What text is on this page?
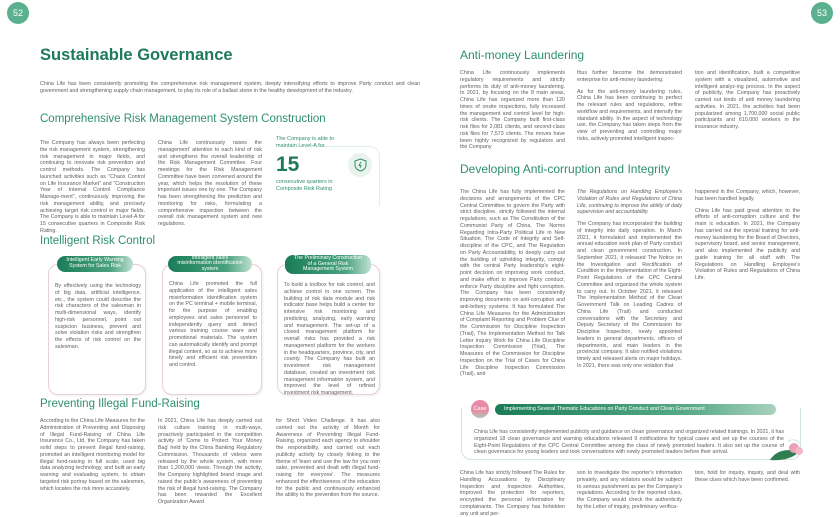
52	53
Sustainable Governance
China Life has been consistently promoting the comprehensive risk management system, deeply intensifying efforts to improve Party conduct and clean government and strengthening supply chain management, to play its role of a ballast stone in the healthy development of the industry.
Comprehensive Risk Management System Construction
The Company has always been perfecting the risk management system, strengthening risk management in major fields, and continuing to innovate risk prevention and control methods. The Company has launched activities such as "Chaos Control on Life Insurance Market" and "Construction Year of Internal Control Compliance Manage-ment", continuously improving the risk management ability, and precisely achieving target risk control in major fields. The Company is able to maintain Level-A for 15 consecutive quarters in Composite Risk Rating.
China Life continuously raises the management' attention to each kind of risk and strengthens the overall leadership of the Risk Management Committee. Four meetings for the Risk Management Committee have been convened around the year, which helps the resolution of these important issues one by one. The Company has been strengthening the prediction and monitoring for risks, formulating a comprehensive inspection between the overall risk management system and new regulations.
The Company is able to maintain Level-A for
15
consecutive quarters in Composite Risk Rating
Intelligent Risk Control
By effectively using the technology of big data, artificial intelligence, etc., the system could describe the risk characters of the salesman in multi-dimensional ways, identify high-risk personnel, point out suspicion business, prevent and solve violation risks and strengthen the effects of risk control on the salesman.
Intelligent Early Warning System for Sales Risk
China Life promoted the full application of the intelligent sales misinformation identification system on the PC terminal + mobile terminal, for the purpose of enabling employees and sales personnel to independently query and detect various training course ware and promotional materials. The system can automatically identify and prompt illegal content, so as to achieve more timely and efficient risk prevention and control.
Intelligent sales misinformation identification system
To build a toolbox for risk control, and achieve control in one screen. The building of risk data module and risk indicator base helps build a center for intensive risk monitoring and predicting, analyzing, early warning and management. The set-up of a closed management platform for overall risks has provided a risk management platform for the workers in the headquarters, province, city, and county. The Company has built an investment risk management database, created an investment risk management information system, and improved the level of refined investment risk management.
The Preliminary Construction of a General Risk Management System
Preventing Illegal Fund-Raising
According to the China Life Measures for the Administration of Preventing and Disposing of Illegal Fund-Raising of China Life Insurance Co., Ltd, the Company has taken solid steps to prevent illegal fund-raising, promoted an intelligent monitoring model for illegal fund-raising in full scale, used big data analyzing technology, and built an early warning and evaluating system, to obtain targeted risk portray based on the salesmen, which locates the risk more accurately.
In 2021, China Life has deeply carried out risk culture training in multi-ways, proactively participated in the competition activity of 'Come to Protect Your Money Bag' held by the China Banking Regulatory Commission. Thousands of videos were released by the whole system, with more than 1,200,000 views. Through the activity, the Company highlighted brand image and raised the public's awareness of preventing the risk of illegal fund-raising. The Company has been rewarded the Excellent Organization Award
for Short Video Challenge. It has also carried out the activity of Month for Awareness of Preventing Illegal Fund-Raising, organized each agency to shoulder the responsibility, and carried out each publicity activity by closely linking to the theme of 'learn and use the law for you own sake, prevented and dealt with illegal fund-raising for everyone'. The measures enhanced the effectiveness of the education for the public and continuously enhanced the ability to the prevention from the source.
Anti-money Laundering
China Life continuously implements regulatory requirements and strictly performs its duty of anti-money laundering. In 2021, by focusing on the 8 main areas, China Life has organized more than 120 times of onsite inspections, fully increased the management and control level for high-risk clients. The Company built first-class risk files for 2,081 clients, and second-class risk files for 7,573 clients. The moves have been highly recognized by regulators and the Company
thus further become the demonstrated enterprise for anti-money laundering.
As for the anti-money laundering rules, China Life has been continuing to perfect the relevant rules and regulations, refine workflow and requirements, and intensify the standard ability. In the aspect of technology use, the Company has taken steps from the view of preventing and controlling major risks, actively promoted intelligent inspec-
tion and identification, built a competitive system with a visualized, automotive and intelligent analyz-ing process. In the aspect of publicity, the Company has proactively carried out kinds of anti money laundering activities. In 2021, the activities had been popularized among 1,700,000 social public participants and 610,000 workers in the insurance industry.
Developing Anti-corruption and Integrity
The China Life has fully implemented the decisions and arrangements of the CPC Central Committee to govern the Party with strict discipline, strictly followed the internal regulations, such as The Constitution of the Communist Party of China, The Norms Regarding Intra-Party Political Life in New Situation, The Code of Integrity and Self-discipline of the CPC, and The Regulation on Party Accountability, to deeply carry out the building of upholding integrity, comply with the central Party leadership's eight-point decision on improving work conduct, and make effort to improve Party conduct, enforce Party discipline and fight corruption. The Company has been consistently improving documents on anti-corruption and anti-bribery systems. It has formulated The China Life Measures for the Administration of Complaint Reporting and Problem Clue of the Commission for Discipline Inspection (Trial), The Implementation Method for Talk Letter Inquiry Work for China Life Discipline Inspection Commission (Trial), The Measures of the Commission for Discipline Inspection on the Trial of Cases for China Life Discipline Inspection Commission (Trail), and
The Regulations on Handling Employee's Violation of Rules and Regulations of China Life, continuing to improve the ability of daily supervision and accountability.
The Company has incorporated the building of integrity into daily operation. In March 2021, it formulated and implemented the annual education work plan of Party conduct and clean government construction. In September 2021, it released The Notice on the Investigation and Rectification of Condition in the Implementation of the Eight-Point Regulations of the CPC Central Committee and organized the whole system to carry out. In October 2021, it released The Implementation Method of the Clean Government Talk on Leading Cadres of China Life (Trail) and conducted conversations with the Secretary and Deputy Secretary of the Commission for Discipline Inspection, newly appointed leaders in general departments, officers of departments, and main leaders in the provincial company. It also notified violations timely and released alerts on major holidays. In 2021, there was only one violation that
happened in the Company, which, however, has been handled legally.
China Life has paid great attention to the efforts of anti-corruption culture and the main ic education. In 2021, the Company has carried out the special training for anti-money laundering for the Board of Directors, supervisory board, and senior management, and also implemented the publicity and guide training for all staff with The Regulations on Handling Employee's Violation of Rules and Regulations of China Life.
Case	Implementing Several Thematic Educations on Party Conduct and Clean Government
China Life has consistently implemented publicity and guidance on clean governance and organized related trainings. In 2021, it has organized 18 clean governance and warning educations released 9 notifications for typical cases and set up the courses of the Eight-Point Regulations of the CPC Central Committee among the class of newly promoted leaders. It also set up the course of clean governance for young leaders and took conversations with newly promoted leaders before their arrival.
China Life has strictly followed The Rules for Handling Accusations by Disciplinary Inspection and Inspection Authorities, improved the protection for reporters, encrypted the personal information for complainants. The Company has forbidden any unit and per-
son to investigate the reporter's information privately, and any violators would be subject to serious punishment as per the Company's regulations. According to the reported clues, the Company would check the authenticity by the Letter of inquiry, preliminary verifica-
tion, hold for inquiry, inquiry, and deal with these clues which have been confirmed.
